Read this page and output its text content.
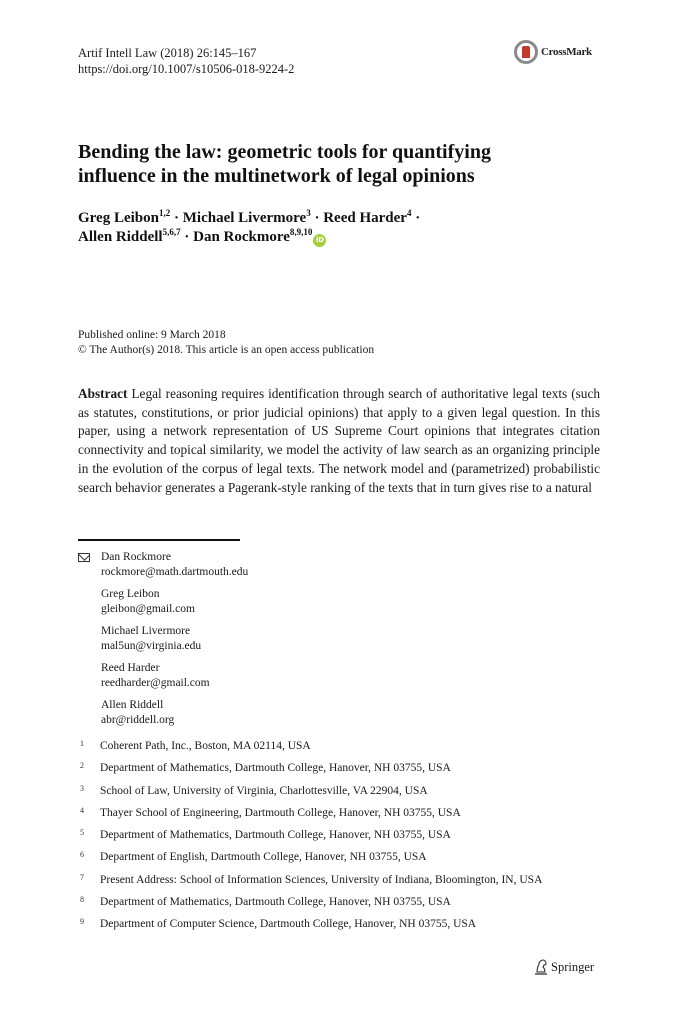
Artif Intell Law (2018) 26:145–167
https://doi.org/10.1007/s10506-018-9224-2
CrossMark
Bending the law: geometric tools for quantifying
influence in the multinetwork of legal opinions
Greg Leibon$^{1,2}$ · Michael Livermore$^3$ · Reed Harder$^4$ ·
Allen Riddell$^{5,6,7}$ · Dan Rockmore$^{8,9,10}$iD
Published online: 9 March 2018
© The Author(s) 2018. This article is an open access publication
Abstract Legal reasoning requires identification through search of authoritative legal texts (such as statutes, constitutions, or prior judicial opinions) that apply to a given legal question. In this paper, using a network representation of US Supreme Court opinions that integrates citation connectivity and topical similarity, we model the activity of law search as an organizing principle in the evolution of the corpus of legal texts. The network model and (parametrized) probabilistic search behavior generates a Pagerank-style ranking of the texts that in turn gives rise to a natural
Dan Rockmore
rockmore@math.dartmouth.edu
Greg Leibon
gleibon@gmail.com
Michael Livermore
mal5un@virginia.edu
Reed Harder
reedharder@gmail.com
Allen Riddell
abr@riddell.org
1 Coherent Path, Inc., Boston, MA 02114, USA
2 Department of Mathematics, Dartmouth College, Hanover, NH 03755, USA
3 School of Law, University of Virginia, Charlottesville, VA 22904, USA
4 Thayer School of Engineering, Dartmouth College, Hanover, NH 03755, USA
5 Department of Mathematics, Dartmouth College, Hanover, NH 03755, USA
6 Department of English, Dartmouth College, Hanover, NH 03755, USA
7 Present Address: School of Information Sciences, University of Indiana, Bloomington, IN, USA
8 Department of Mathematics, Dartmouth College, Hanover, NH 03755, USA
9 Department of Computer Science, Dartmouth College, Hanover, NH 03755, USA
Springer
